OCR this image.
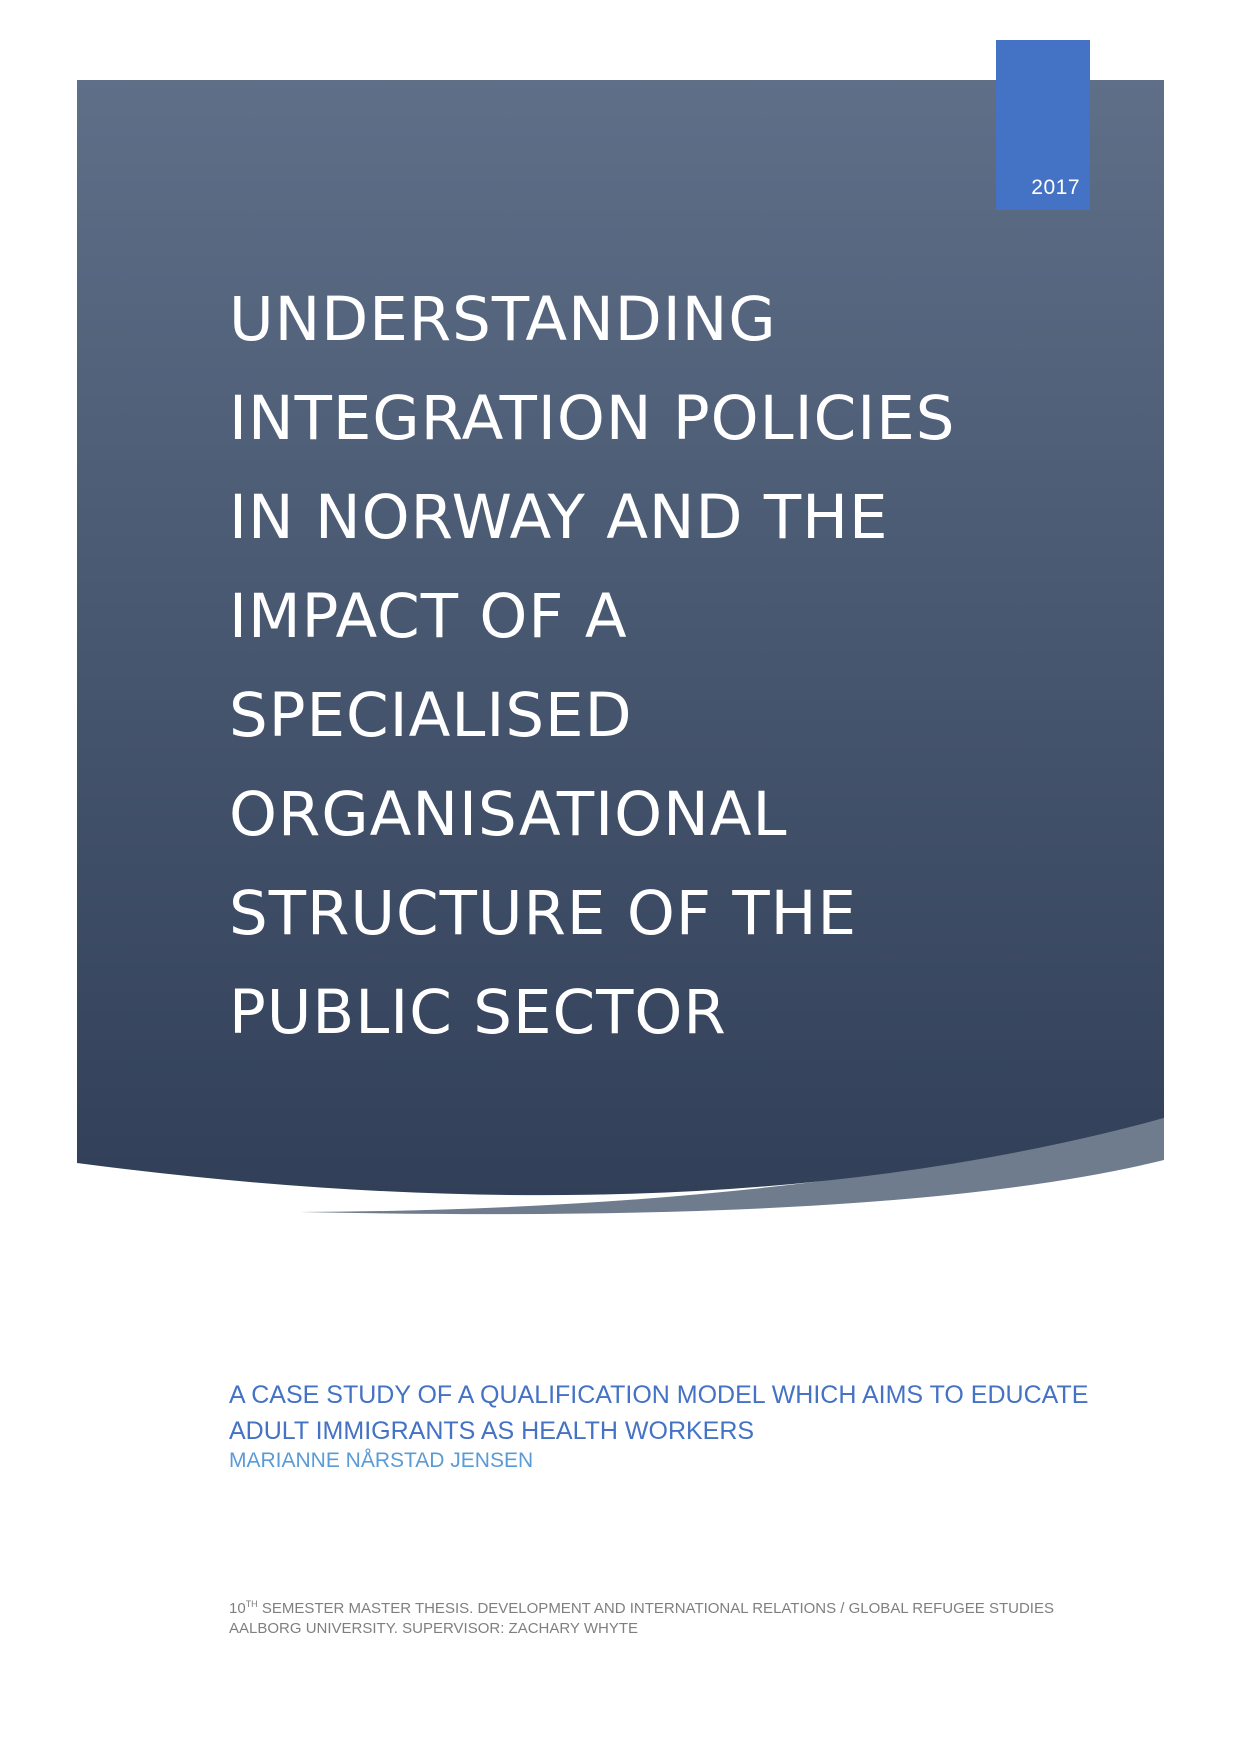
2017
UNDERSTANDING INTEGRATION POLICIES IN NORWAY AND THE IMPACT OF A SPECIALISED ORGANISATIONAL STRUCTURE OF THE PUBLIC SECTOR
A CASE STUDY OF A QUALIFICATION MODEL WHICH AIMS TO EDUCATE ADULT IMMIGRANTS AS HEALTH WORKERS
MARIANNE NÅRSTAD JENSEN
10TH SEMESTER MASTER THESIS. DEVELOPMENT AND INTERNATIONAL RELATIONS / GLOBAL REFUGEE STUDIES
AALBORG UNIVERSITY. SUPERVISOR: ZACHARY WHYTE
